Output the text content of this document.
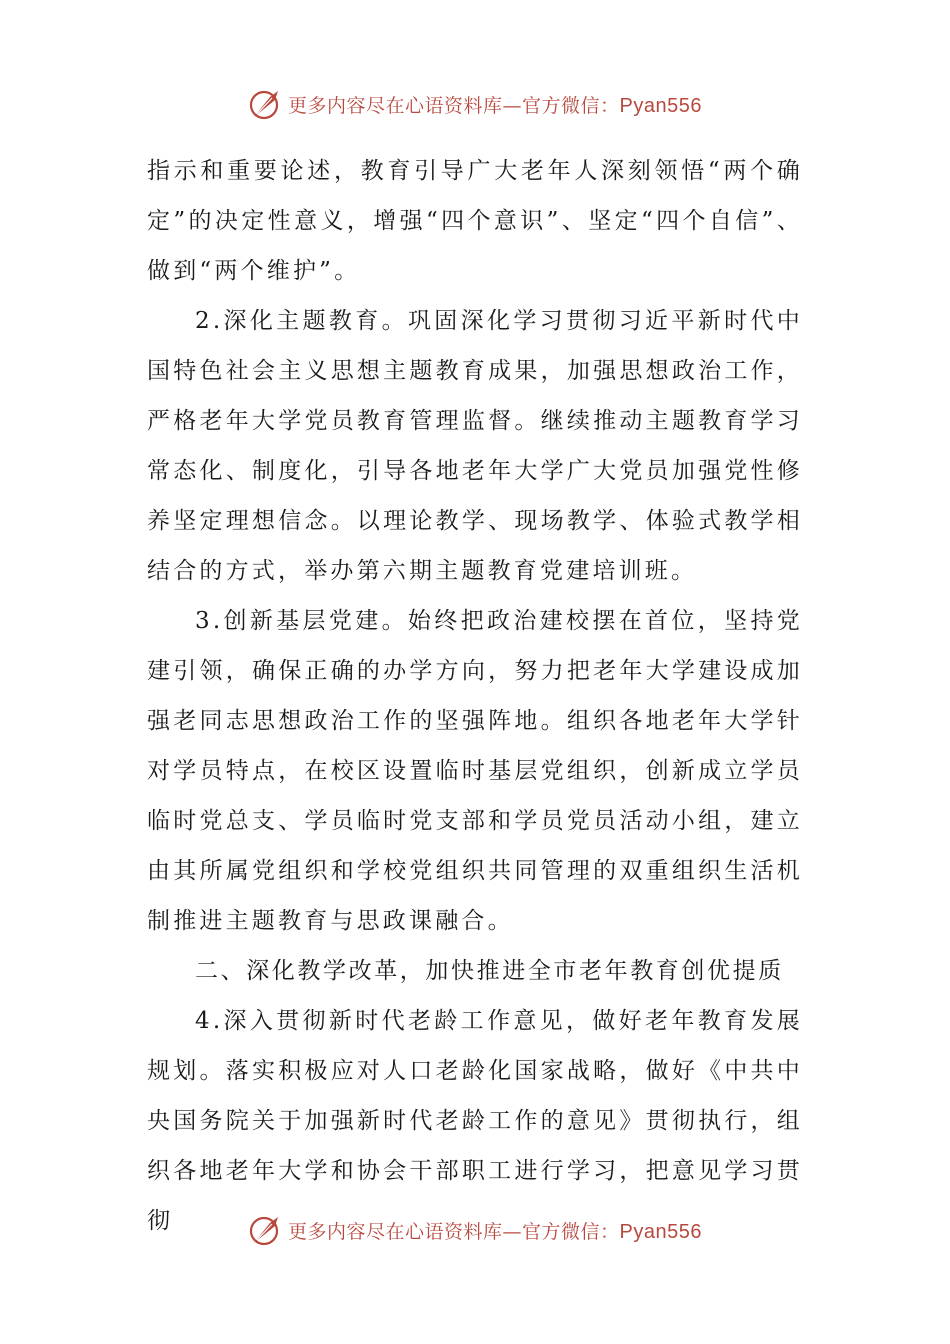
更多内容尽在心语资料库—官方微信：Pyan556

指示和重要论述，教育引导广大老年人深刻领悟“两个确定”的决定性意义，增强“四个意识”、坚定“四个自信”、做到“两个维护”。

2.深化主题教育。巩固深化学习贯彻习近平新时代中国特色社会主义思想主题教育成果，加强思想政治工作，严格老年大学党员教育管理监督。继续推动主题教育学习常态化、制度化，引导各地老年大学广大党员加强党性修养坚定理想信念。以理论教学、现场教学、体验式教学相结合的方式，举办第六期主题教育党建培训班。

3.创新基层党建。始终把政治建校摆在首位，坚持党建引领，确保正确的办学方向，努力把老年大学建设成加强老同志思想政治工作的坚强阵地。组织各地老年大学针对学员特点，在校区设置临时基层党组织，创新成立学员临时党总支、学员临时党支部和学员党员活动小组，建立由其所属党组织和学校党组织共同管理的双重组织生活机制推进主题教育与思政课融合。

二、深化教学改革，加快推进全市老年教育创优提质

4.深入贯彻新时代老龄工作意见，做好老年教育发展规划。落实积极应对人口老龄化国家战略，做好《中共中央国务院关于加强新时代老龄工作的意见》贯彻执行，组织各地老年大学和协会干部职工进行学习，把意见学习贯彻	更多内容尽在心语资料库—官方微信：Pyan556
